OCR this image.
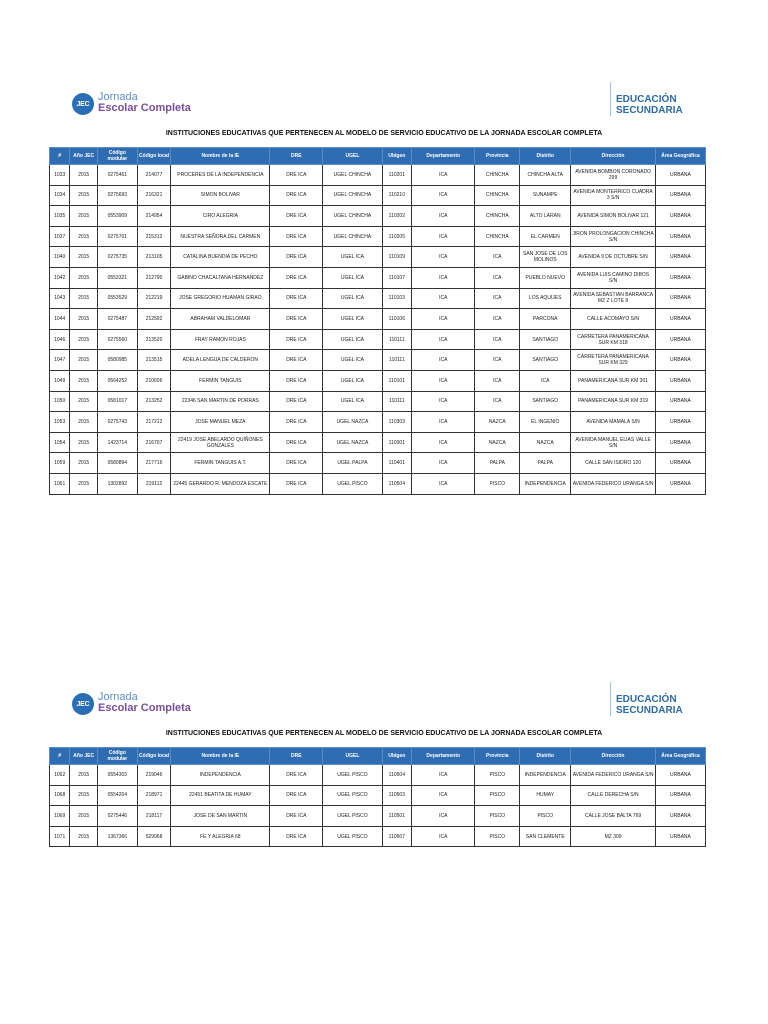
JEC
Jornada
Escolar Completa
EDUCACIÓN
SECUNDARIA
INSTITUCIONES EDUCATIVAS QUE PERTENECEN AL MODELO DE SERVICIO EDUCATIVO DE LA JORNADA ESCOLAR COMPLETA
#	Año JEC	Código modular	Código local	Nombre de la IE	DRE	UGEL	Ubigeo	Departamento	Provincia	Distrito	Dirección	Área Geográfica
1033	2015	0275461	214077	PROCERES DE LA INDEPENDENCIA	DRE ICA	UGEL CHINCHA	110201	ICA	CHINCHA	CHINCHA ALTA	AVENIDA BOMBON CORONADO 299	URBANA
1034	2015	0275693	216321	SIMON BOLIVAR	DRE ICA	UGEL CHINCHA	110210	ICA	CHINCHA	SUNAMPE	AVENIDA MONTERRICO CUADRA 3 S/N	URBANA
1035	2015	0553909	214954	CIRO ALEGRIA	DRE ICA	UGEL CHINCHA	110202	ICA	CHINCHA	ALTO LARAN	AVENIDA SIMON BOLIVAR 121	URBANA
1037	2015	0275701	215312	NUESTRA SEÑORA DEL CARMEN	DRE ICA	UGEL CHINCHA	110205	ICA	CHINCHA	EL CARMEN	JIRON PROLONGACION CHINCHA S/N	URBANA
1040	2015	0275735	213105	CATALINA BUENDIA DE PECHO	DRE ICA	UGEL ICA	110109	ICA	ICA	SAN JOSE DE LOS MOLINOS	AVENIDA 9 DE OCTUBRE S/N	URBANA
1042	2015	0553321	212790	GABINO CHACALTANA HERNANDEZ	DRE ICA	UGEL ICA	110107	ICA	ICA	PUEBLO NUEVO	AVENIDA LUIS CAMINO DIBOS S/N	URBANA
1043	2015	0553529	212219	JOSE GREGORIO HUAMAN GIRAO	DRE ICA	UGEL ICA	110103	ICA	ICA	LOS AQUIJES	AVENIDA SEBASTIAN BARRANCA MZ Z LOTE 8	URBANA
1044	2015	0275487	212592	ABRAHAM VALDELOMAR	DRE ICA	UGEL ICA	110106	ICA	ICA	PARCONA	CALLE ACOMAYO S/N	URBANA
1046	2015	0275560	213520	FRAY RAMON ROJAS	DRE ICA	UGEL ICA	110111	ICA	ICA	SANTIAGO	CARRETERA PANAMERICANA SUR KM 318	URBANA
1047	2015	0580985	213515	ADELA LENGUA DE CALDERON	DRE ICA	UGEL ICA	110111	ICA	ICA	SANTIAGO	CARRETERA PANAMERICANA SUR KM 329	URBANA
1049	2015	0564252	210606	FERMIN TANGUIS	DRE ICA	UGEL ICA	110101	ICA	ICA	ICA	PANAMERICANA SUR KM 301	URBANA
1050	2015	0581017	213252	22346 SAN MARTIN DE PORRAS	DRE ICA	UGEL ICA	110111	ICA	ICA	SANTIAGO	PANAMERICANA SUR KM 319	URBANA
1053	2015	0275743	217212	JOSE MANUEL MEZA	DRE ICA	UGEL NAZCA	110303	ICA	NAZCA	EL INGENIO	AVENIDA MAMALA S/N	URBANA
1054	2015	1423714	216707	22419 JOSE ABELARDO QUIÑONES GONZALES	DRE ICA	UGEL NAZCA	110301	ICA	NAZCA	NAZCA	AVENIDA MANUEL ELIAS VALLE S/N	URBANA
1059	2015	0580894	217716	FERMIN TANGUIS A.T.	DRE ICA	UGEL PALPA	110401	ICA	PALPA	PALPA	CALLE SAN ISIDRO 120	URBANA
1061	2015	1302892	219112	22445 GERARDO R. MENDOZA ESCATE	DRE ICA	UGEL PISCO	110504	ICA	PISCO	INDEPENDENCIA	AVENIDA FEDERICO URANGA S/N	URBANA
JEC
Jornada
Escolar Completa
EDUCACIÓN
SECUNDARIA
INSTITUCIONES EDUCATIVAS QUE PERTENECEN AL MODELO DE SERVICIO EDUCATIVO DE LA JORNADA ESCOLAR COMPLETA
#	Año JEC	Código modular	Código local	Nombre de la IE	DRE	UGEL	Ubigeo	Departamento	Provincia	Distrito	Dirección	Área Geográfica
1062	2015	0554303	219046	INDEPENDENCIA	DRE ICA	UGEL PISCO	110504	ICA	PISCO	INDEPENDENCIA	AVENIDA FEDERICO URANGA S/N	URBANA
1068	2015	0554204	218971	22451 BEATITA DE HUMAY	DRE ICA	UGEL PISCO	110503	ICA	PISCO	HUMAY	CALLE DERECHA S/N	URBANA
1069	2015	0275446	218117	JOSE DE SAN MARTIN	DRE ICA	UGEL PISCO	110501	ICA	PISCO	PISCO	CALLE JOSE BALTA 769	URBANA
1071	2015	1367366	529968	FE Y ALEGRIA 68	DRE ICA	UGEL PISCO	110507	ICA	PISCO	SAN CLEMENTE	MZ 309	URBANA
